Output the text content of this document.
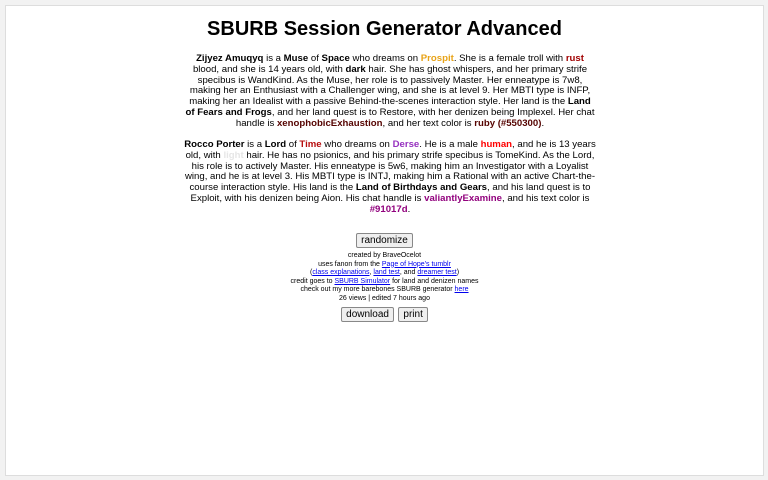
SBURB Session Generator Advanced
Zijyez Amuqyq is a Muse of Space who dreams on Prospit. She is a female troll with rust blood, and she is 14 years old, with dark hair. She has ghost whispers, and her primary strife specibus is WandKind. As the Muse, her role is to passively Master. Her enneatype is 7w8, making her an Enthusiast with a Challenger wing, and she is at level 9. Her MBTI type is INFP, making her an Idealist with a passive Behind-the-scenes interaction style. Her land is the Land of Fears and Frogs, and her land quest is to Restore, with her denizen being Implexel. Her chat handle is xenophobicExhaustion, and her text color is ruby (#550300).
Rocco Porter is a Lord of Time who dreams on Derse. He is a male human, and he is 13 years old, with light hair. He has no psionics, and his primary strife specibus is TomeKind. As the Lord, his role is to actively Master. His enneatype is 5w6, making him an Investigator with a Loyalist wing, and he is at level 3. His MBTI type is INTJ, making him a Rational with an active Chart-the-course interaction style. His land is the Land of Birthdays and Gears, and his land quest is to Exploit, with his denizen being Aion. His chat handle is valiantlyExamine, and his text color is #91017d.
randomize
created by BraveOcelot
uses fanon from the Page of Hope's tumblr
(class explanations, land test, and dreamer test)
credit goes to SBURB Simulator for land and denizen names
check out my more barebones SBURB generator here
26 views | edited 7 hours ago
download print
